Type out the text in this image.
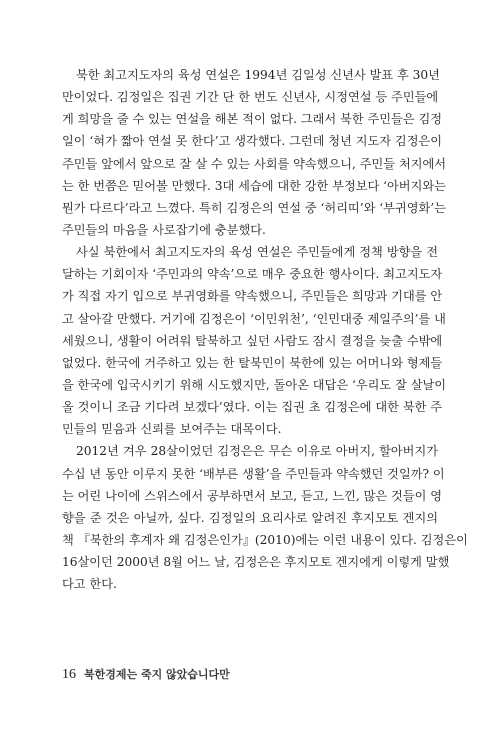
북한 최고지도자의 육성 연설은 1994년 김일성 신년사 발표 후 30년
만이었다. 김정일은 집권 기간 단 한 번도 신년사, 시정연설 등 주민들에
게 희망을 줄 수 있는 연설을 해본 적이 없다. 그래서 북한 주민들은 김정
일이 ‘혀가 짧아 연설 못 한다’고 생각했다. 그런데 청년 지도자 김정은이
주민들 앞에서 앞으로 잘 살 수 있는 사회를 약속했으니, 주민들 처지에서
는 한 번쯤은 믿어볼 만했다. 3대 세습에 대한 강한 부정보다 ‘아버지와는
뭔가 다르다’라고 느꼈다. 특히 김정은의 연설 중 ‘허리띠’와 ‘부귀영화’는
주민들의 마음을 사로잡기에 충분했다.
사실 북한에서 최고지도자의 육성 연설은 주민들에게 정책 방향을 전
달하는 기회이자 ‘주민과의 약속’으로 매우 중요한 행사이다. 최고지도자
가 직접 자기 입으로 부귀영화를 약속했으니, 주민들은 희망과 기대를 안
고 살아갈 만했다. 거기에 김정은이 ‘이민위천’, ‘인민대중 제일주의’를 내
세웠으니, 생활이 어려워 탈북하고 싶던 사람도 잠시 결정을 늦출 수밖에
없었다. 한국에 거주하고 있는 한 탈북민이 북한에 있는 어머니와 형제들
을 한국에 입국시키기 위해 시도했지만, 돌아온 대답은 ‘우리도 잘 살날이
올 것이니 조금 기다려 보겠다’였다. 이는 집권 초 김정은에 대한 북한 주
민들의 믿음과 신뢰를 보여주는 대목이다.
2012년 겨우 28살이었던 김정은은 무슨 이유로 아버지, 할아버지가
수십 년 동안 이루지 못한 ‘배부른 생활’을 주민들과 약속했던 것일까? 이
는 어린 나이에 스위스에서 공부하면서 보고, 듣고, 느낀, 많은 것들이 영
향을 준 것은 아닐까, 싶다. 김정일의 요리사로 알려진 후지모토 겐지의
책 『북한의 후계자 왜 김정은인가』(2010)에는 이런 내용이 있다. 김정은이
16살이던 2000년 8월 어느 날, 김정은은 후지모토 겐지에게 이렇게 말했
다고 한다.
16 북한경제는 죽지 않았습니다만
